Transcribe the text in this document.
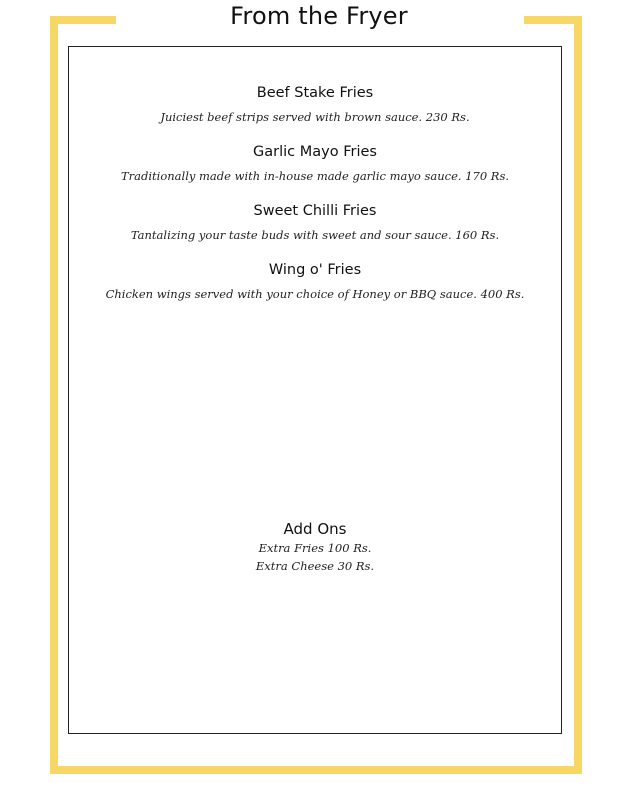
From the Fryer
Beef Stake Fries
Juiciest beef strips served with brown sauce. 230 Rs.
Garlic Mayo Fries
Traditionally made with in-house made garlic mayo sauce. 170 Rs.
Sweet Chilli Fries
Tantalizing your taste buds with sweet and sour sauce. 160 Rs.
Wing o' Fries
Chicken wings served with your choice of Honey or BBQ sauce. 400 Rs.
Add Ons
Extra Fries 100 Rs.
Extra Cheese 30 Rs.
